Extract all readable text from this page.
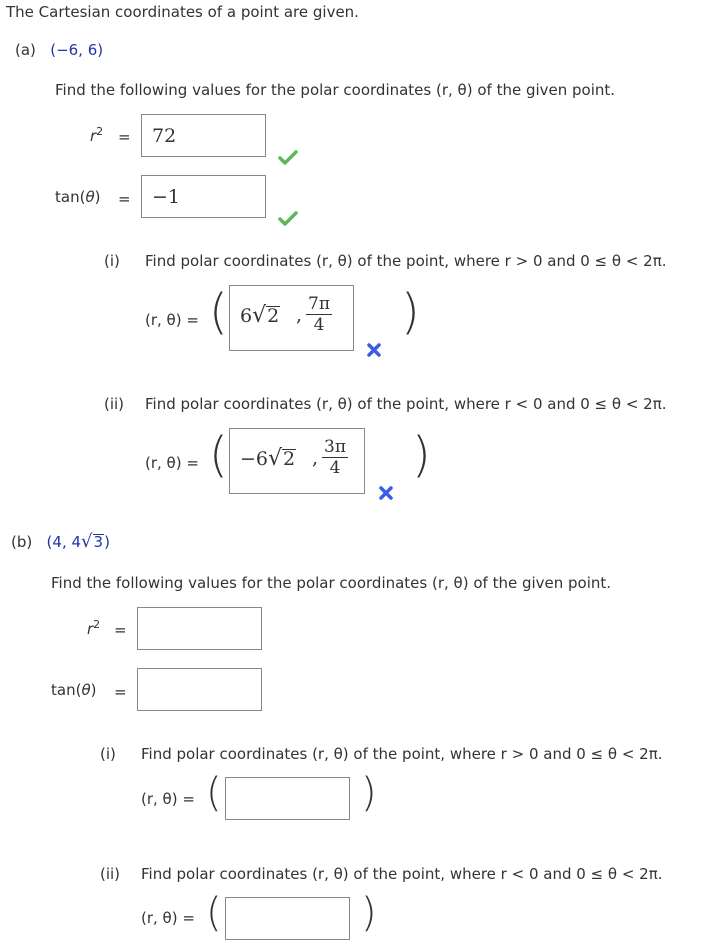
The Cartesian coordinates of a point are given.
(a) (−6, 6)
Find the following values for the polar coordinates (r, θ) of the given point.
$r^2 = 72$
tan(θ) = −1
(i) Find polar coordinates (r, θ) of the point, where r > 0 and 0 ≤ θ < 2π.
(r, θ) = ( 6√2 , $\frac{7\pi}{4}$ )
(ii) Find polar coordinates (r, θ) of the point, where r < 0 and 0 ≤ θ < 2π.
(r, θ) = ( −6√2 , $\frac{3\pi}{4}$ )
(b) (4, 4√3)
Find the following values for the polar coordinates (r, θ) of the given point.
$r^2$ =
tan(θ) =
(i) Find polar coordinates (r, θ) of the point, where r > 0 and 0 ≤ θ < 2π.
(r, θ) = (	)
(ii) Find polar coordinates (r, θ) of the point, where r < 0 and 0 ≤ θ < 2π.
(r, θ) = (	)
